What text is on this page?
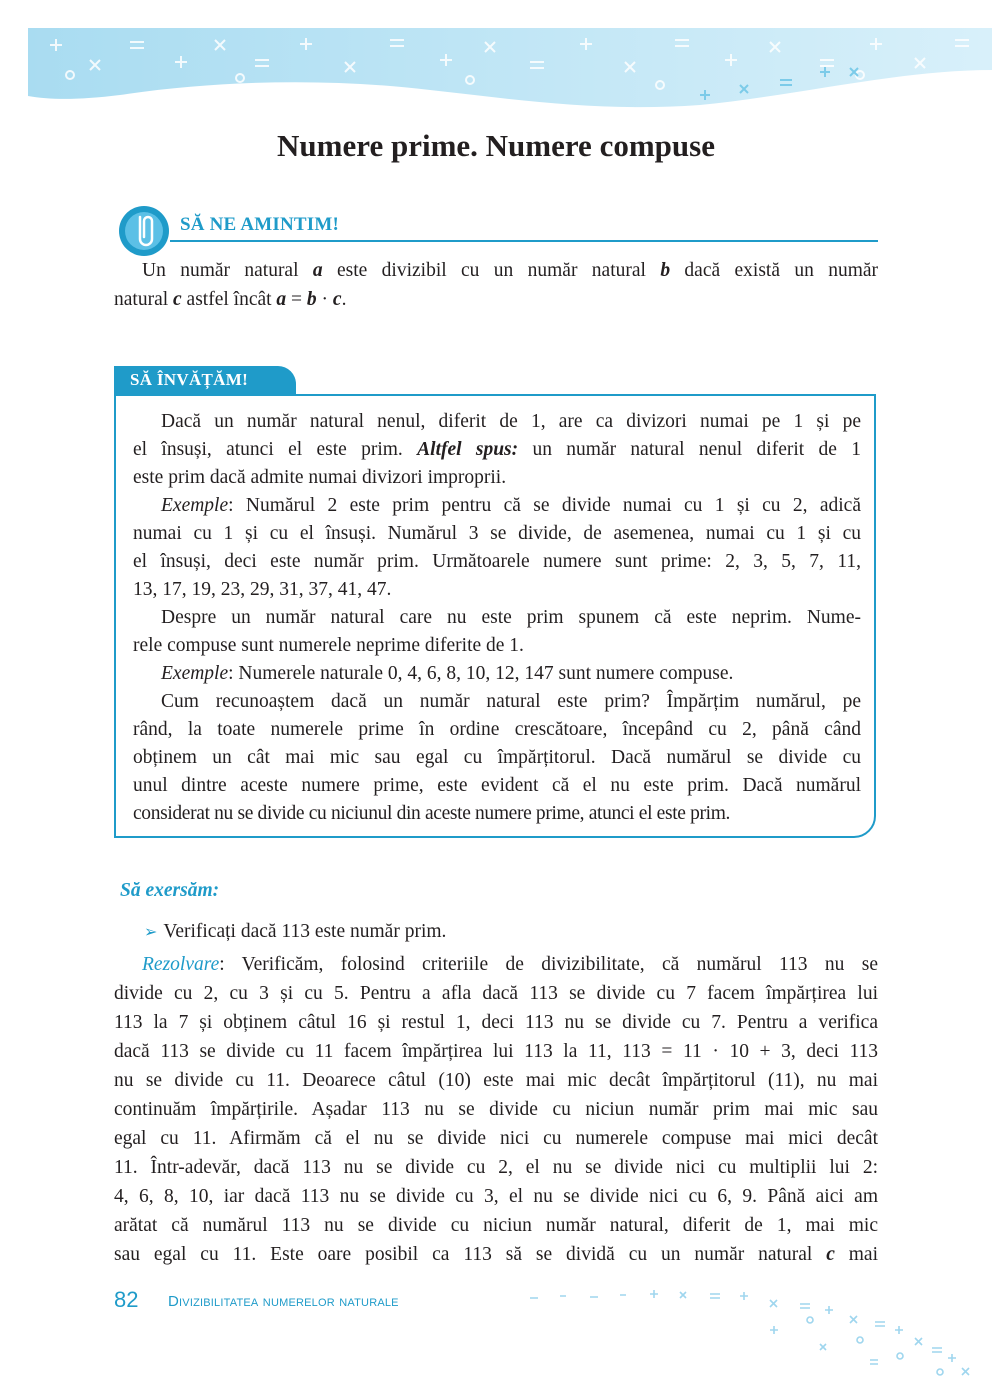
Numere prime. Numere compuse
SĂ NE AMINTIM!

Un număr natural a este divizibil cu un număr natural b dacă există un număr

natural c astfel încât a = b · c.

SĂ ÎNVĂȚĂM!

Dacă un număr natural nenul, diferit de 1, are ca divizori numai pe 1 și pe

el însuși, atunci el este prim. Altfel spus: un număr natural nenul diferit de 1

este prim dacă admite numai divizori improprii.

Exemple: Numărul 2 este prim pentru că se divide numai cu 1 și cu 2, adică

numai cu 1 și cu el însuși. Numărul 3 se divide, de asemenea, numai cu 1 și cu

el însuși, deci este număr prim. Următoarele numere sunt prime: 2, 3, 5, 7, 11,

13, 17, 19, 23, 29, 31, 37, 41, 47.

Despre un număr natural care nu este prim spunem că este neprim. Nume-

rele compuse sunt numerele neprime diferite de 1.

Exemple: Numerele naturale 0, 4, 6, 8, 10, 12, 147 sunt numere compuse.

Cum recunoaștem dacă un număr natural este prim? Împărțim numărul, pe

rând, la toate numerele prime în ordine crescătoare, începând cu 2, până când

obținem un cât mai mic sau egal cu împărțitorul. Dacă numărul se divide cu

unul dintre aceste numere prime, este evident că el nu este prim. Dacă numărul

considerat nu se divide cu niciunul din aceste numere prime, atunci el este prim.

Să exersăm:
➢ Verificați dacă 113 este număr prim.

Rezolvare: Verificăm, folosind criteriile de divizibilitate, că numărul 113 nu se

divide cu 2, cu 3 și cu 5. Pentru a afla dacă 113 se divide cu 7 facem împărțirea lui

113 la 7 și obținem câtul 16 și restul 1, deci 113 nu se divide cu 7. Pentru a verifica

dacă 113 se divide cu 11 facem împărțirea lui 113 la 11, 113 = 11 · 10 + 3, deci 113

nu se divide cu 11. Deoarece câtul (10) este mai mic decât împărțitorul (11), nu mai

continuăm împărțirile. Așadar 113 nu se divide cu niciun număr prim mai mic sau

egal cu 11. Afirmăm că el nu se divide nici cu numerele compuse mai mici decât

11. Într-adevăr, dacă 113 nu se divide cu 2, el nu se divide nici cu multiplii lui 2:

4, 6, 8, 10, iar dacă 113 nu se divide cu 3, el nu se divide nici cu 6, 9. Până aici am

arătat că numărul 113 nu se divide cu niciun număr natural, diferit de 1, mai mic

sau egal cu 11. Este oare posibil ca 113 să se dividă cu un număr natural c mai

82 Divizibilitatea numerelor naturale
